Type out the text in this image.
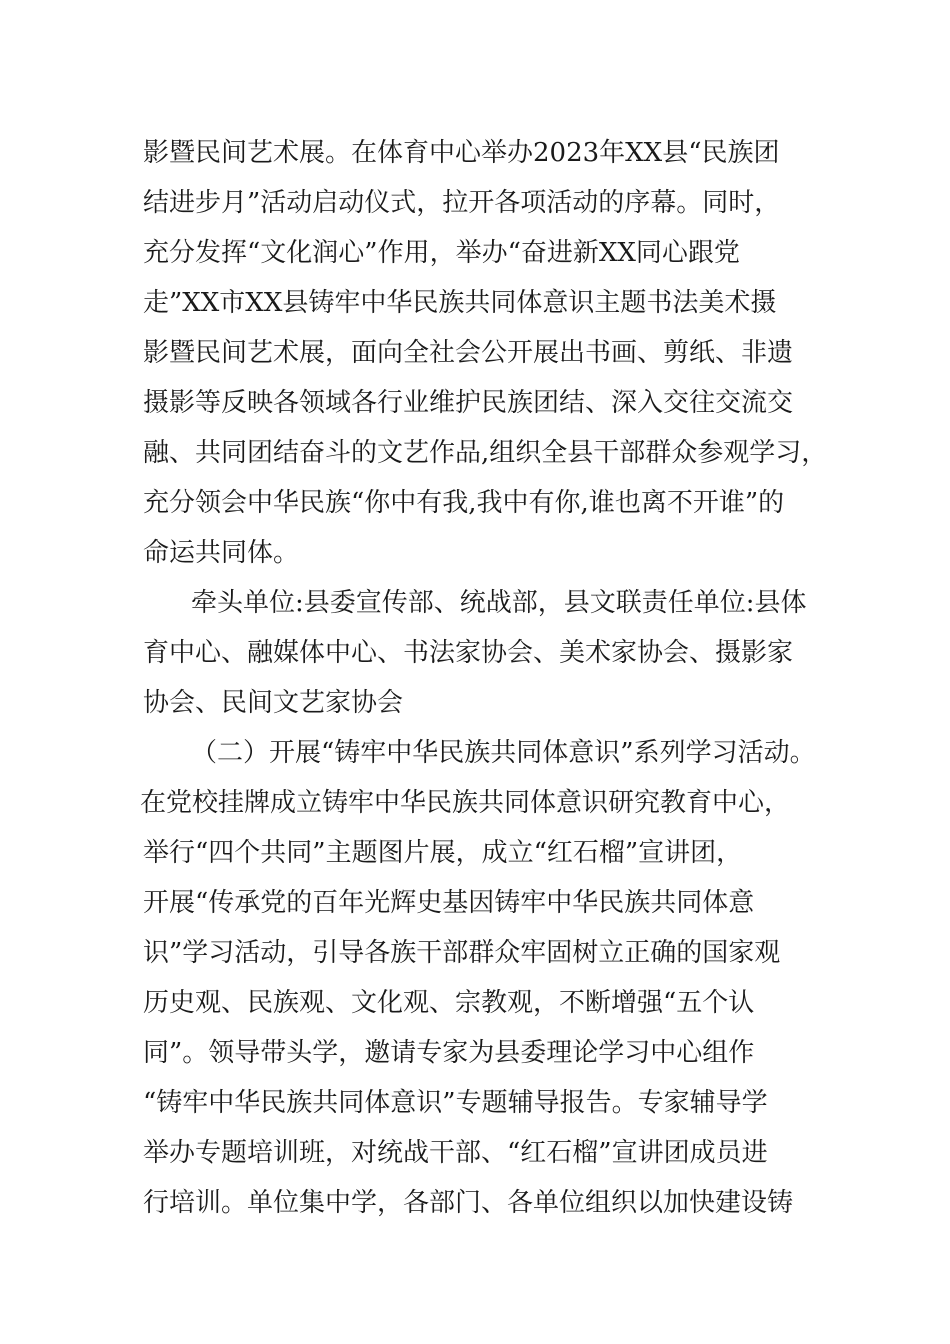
影暨民间艺术展。在体育中心举办2023年XX县“民族团
结进步月”活动启动仪式，拉开各项活动的序幕。同时，
充分发挥“文化润心”作用，举办“奋进新XX同心跟党
走”XX市XX县铸牢中华民族共同体意识主题书法美术摄
影暨民间艺术展，面向全社会公开展出书画、剪纸、非遗
摄影等反映各领域各行业维护民族团结、深入交往交流交
融、共同团结奋斗的文艺作品,组织全县干部群众参观学习，
充分领会中华民族“你中有我,我中有你,谁也离不开谁”的
命运共同体。
牵头单位:县委宣传部、统战部，县文联责任单位:县体
育中心、融媒体中心、书法家协会、美术家协会、摄影家
协会、民间文艺家协会
（二）开展“铸牢中华民族共同体意识”系列学习活动。
在党校挂牌成立铸牢中华民族共同体意识研究教育中心，
举行“四个共同”主题图片展，成立“红石榴”宣讲团，
开展“传承党的百年光辉史基因铸牢中华民族共同体意
识”学习活动，引导各族干部群众牢固树立正确的国家观
历史观、民族观、文化观、宗教观，不断增强“五个认
同”。领导带头学，邀请专家为县委理论学习中心组作
“铸牢中华民族共同体意识”专题辅导报告。专家辅导学
举办专题培训班，对统战干部、“红石榴”宣讲团成员进
行培训。单位集中学，各部门、各单位组织以加快建设铸
